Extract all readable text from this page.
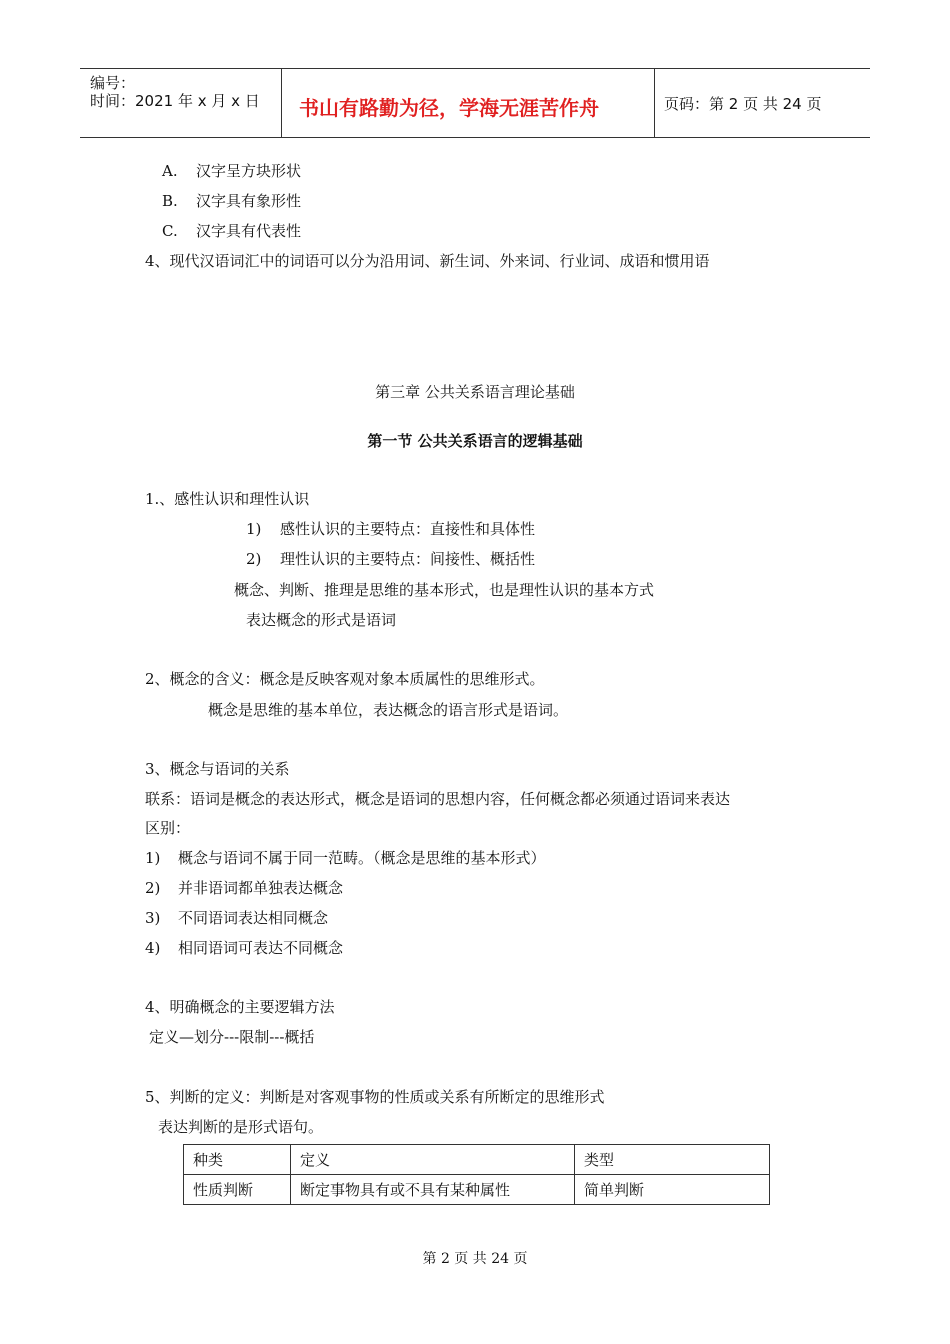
编号：
时间：2021 年 x 月 x 日 书山有路勤为径，学海无涯苦作舟	页码：第 2 页 共 24 页
A. 汉字呈方块形状
B. 汉字具有象形性
C. 汉字具有代表性
4、现代汉语词汇中的词语可以分为沿用词、新生词、外来词、行业词、成语和惯用语
第三章 公共关系语言理论基础
第一节 公共关系语言的逻辑基础
1.、感性认识和理性认识
1) 感性认识的主要特点：直接性和具体性
2) 理性认识的主要特点：间接性、概括性
概念、判断、推理是思维的基本形式，也是理性认识的基本方式
表达概念的形式是语词
2、概念的含义：概念是反映客观对象本质属性的思维形式。
概念是思维的基本单位，表达概念的语言形式是语词。
3、概念与语词的关系
联系：语词是概念的表达形式，概念是语词的思想内容，任何概念都必须通过语词来表达
区别：
1) 概念与语词不属于同一范畴。（概念是思维的基本形式）
2) 并非语词都单独表达概念
3) 不同语词表达相同概念
4) 相同语词可表达不同概念
4、明确概念的主要逻辑方法
定义—划分---限制---概括
5、判断的定义：判断是对客观事物的性质或关系有所断定的思维形式
表达判断的是形式语句。
种类	定义	类型
性质判断	断定事物具有或不具有某种属性	简单判断
第 2 页 共 24 页
